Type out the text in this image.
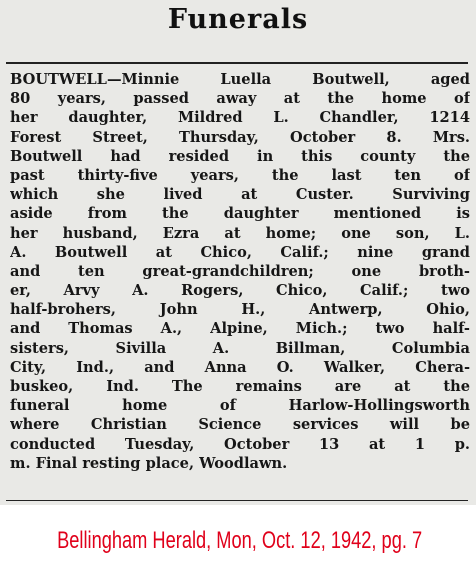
Funerals
BOUTWELL—Minnie Luella Boutwell, aged
80 years, passed away at the home of
her daughter, Mildred L. Chandler, 1214
Forest Street, Thursday, October 8. Mrs.
Boutwell had resided in this county the
past thirty-five years, the last ten of
which she lived at Custer. Surviving
aside from the daughter mentioned is
her husband, Ezra at home; one son, L.
A. Boutwell at Chico, Calif.; nine grand
and ten great-grandchildren; one broth-
er, Arvy A. Rogers, Chico, Calif.; two
half-brohers, John H., Antwerp, Ohio,
and Thomas A., Alpine, Mich.; two half-
sisters, Sivilla A. Billman, Columbia
City, Ind., and Anna O. Walker, Chera-
buskeo, Ind. The remains are at the
funeral home of Harlow-Hollingsworth
where Christian Science services will be
conducted Tuesday, October 13 at 1 p.
m. Final resting place, Woodlawn.
Bellingham Herald, Mon, Oct. 12, 1942, pg. 7
